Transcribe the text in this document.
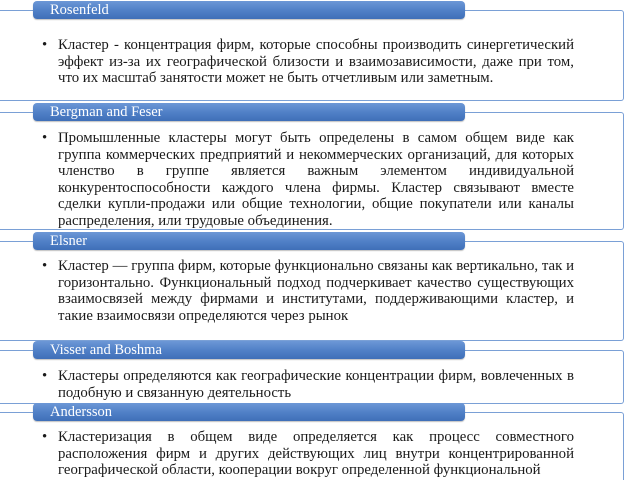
Rosenfeld
• Кластер - концентрация фирм, которые способны производить синергетический эффект из-за их географической близости и взаимозависимости, даже при том, что их масштаб занятости может не быть отчетливым или заметным.
Bergman and Feser
• Промышленные кластеры могут быть определены в самом общем виде как группа коммерческих предприятий и некоммерческих организаций, для которых членство в группе является важным элементом индивидуальной конкурентоспособности каждого члена фирмы. Кластер связывают вместе сделки купли-продажи или общие технологии, общие покупатели или каналы распределения, или трудовые объединения.
Elsner
• Кластер — группа фирм, которые функционально связаны как вертикально, так и горизонтально. Функциональный подход подчеркивает качество существующих взаимосвязей между фирмами и институтами, поддерживающими кластер, и такие взаимосвязи определяются через рынок
Visser and Boshma
• Кластеры определяются как географические концентрации фирм, вовлеченных в подобную и связанную деятельность
Andersson
• Кластеризация в общем виде определяется как процесс совместного расположения фирм и других действующих лиц внутри концентрированной географической области, кооперации вокруг определенной функциональной
